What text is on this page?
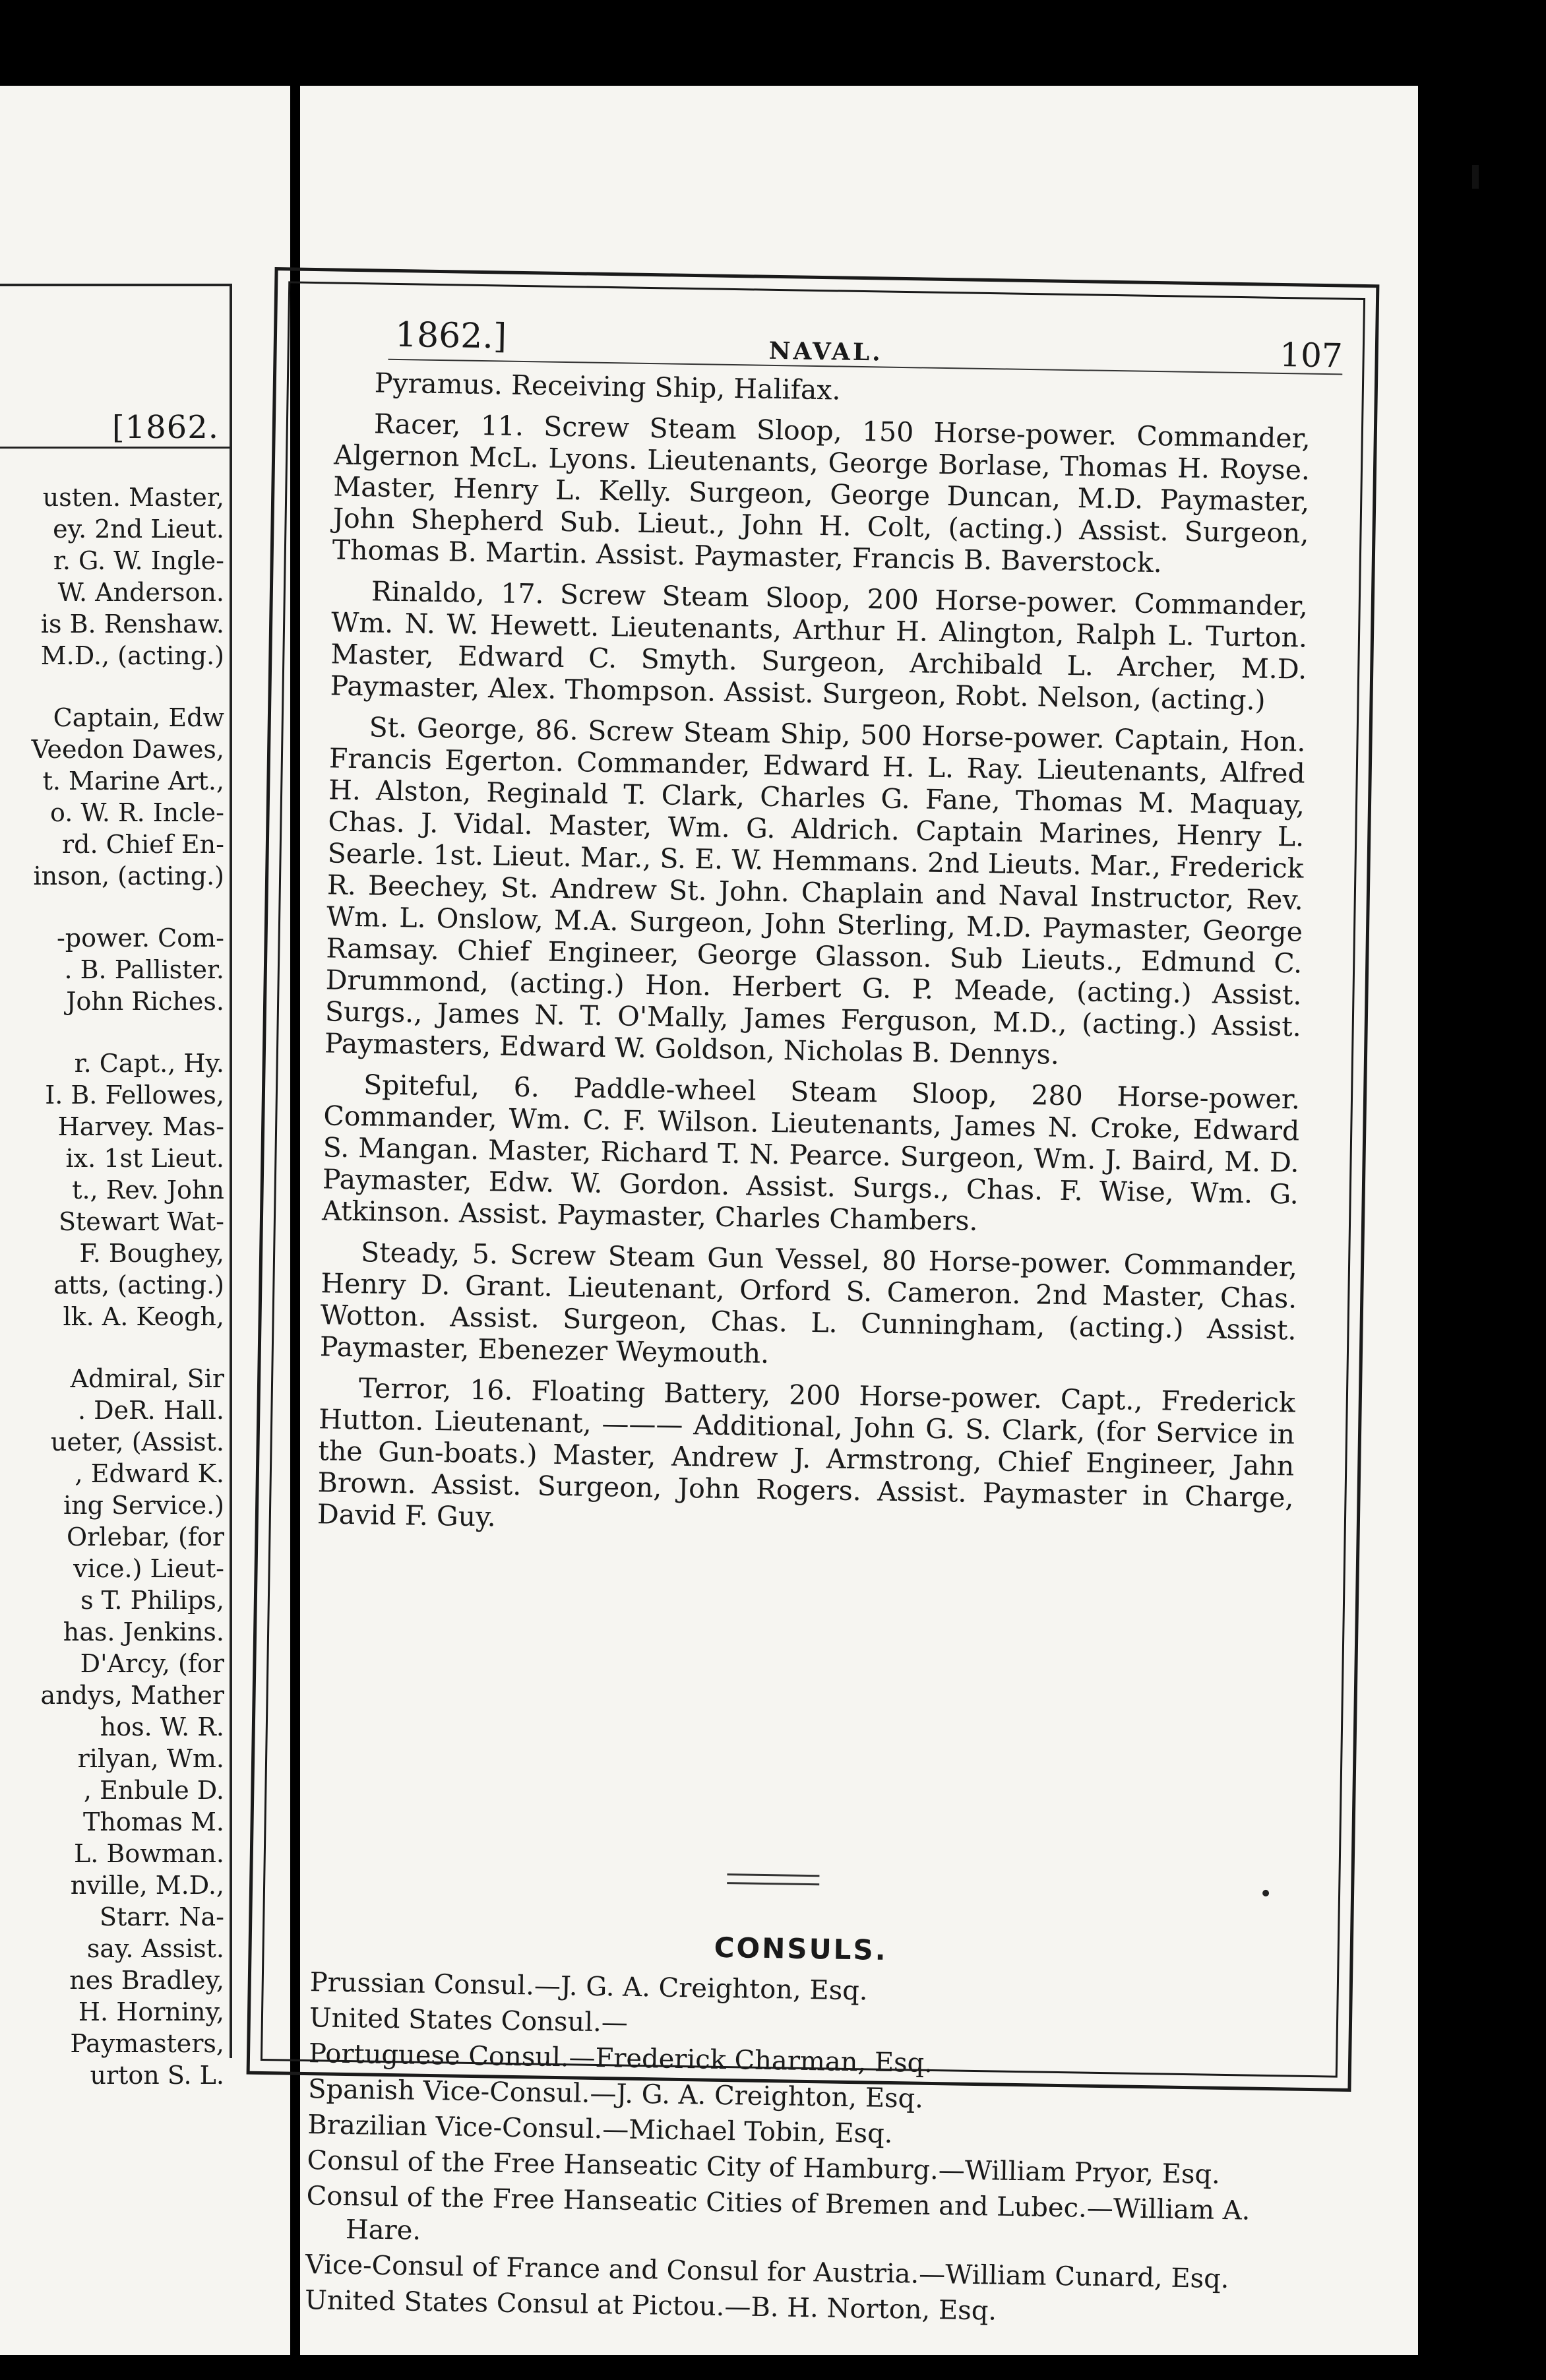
[1862.
usten. Master,
ey. 2nd Lieut.
r. G. W. Ingle-
W. Anderson.
is B. Renshaw.
M.D., (acting.)
Captain, Edw
Veedon Dawes,
t. Marine Art.,
o. W. R. Incle-
rd. Chief En-
inson, (acting.)
-power. Com-
. B. Pallister.
John Riches.
r. Capt., Hy.
I. B. Fellowes,
Harvey. Mas-
ix. 1st Lieut.
t., Rev. John
Stewart Wat-
F. Boughey,
atts, (acting.)
lk. A. Keogh,
Admiral, Sir
. DeR. Hall.
ueter, (Assist.
, Edward K.
ing Service.)
Orlebar, (for
vice.) Lieut-
s T. Philips,
has. Jenkins.
D'Arcy, (for
andys, Mather
hos. W. R.
rilyan, Wm.
, Enbule D.
Thomas M.
L. Bowman.
nville, M.D.,
Starr. Na-
say. Assist.
nes Bradley,
H. Horniny,
Paymasters,
urton S. L.
1862.]	NAVAL.	107

Pyramus. Receiving Ship, Halifax.

Racer, 11. Screw Steam Sloop, 150 Horse-power. Commander, Algernon McL. Lyons. Lieutenants, George Borlase, Thomas H. Royse. Master, Henry L. Kelly. Surgeon, George Duncan, M.D. Paymaster, John Shepherd Sub. Lieut., John H. Colt, (acting.) Assist. Surgeon, Thomas B. Martin. Assist. Paymaster, Francis B. Baverstock.

Rinaldo, 17. Screw Steam Sloop, 200 Horse-power. Commander, Wm. N. W. Hewett. Lieutenants, Arthur H. Alington, Ralph L. Turton. Master, Edward C. Smyth. Surgeon, Archibald L. Archer, M.D. Paymaster, Alex. Thompson. Assist. Surgeon, Robt. Nelson, (acting.)

St. George, 86. Screw Steam Ship, 500 Horse-power. Captain, Hon. Francis Egerton. Commander, Edward H. L. Ray. Lieutenants, Alfred H. Alston, Reginald T. Clark, Charles G. Fane, Thomas M. Maquay, Chas. J. Vidal. Master, Wm. G. Aldrich. Captain Marines, Henry L. Searle. 1st. Lieut. Mar., S. E. W. Hemmans. 2nd Lieuts. Mar., Frederick R. Beechey, St. Andrew St. John. Chaplain and Naval Instructor, Rev. Wm. L. Onslow, M.A. Surgeon, John Sterling, M.D. Paymaster, George Ramsay. Chief Engineer, George Glasson. Sub Lieuts., Edmund C. Drummond, (acting.) Hon. Herbert G. P. Meade, (acting.) Assist. Surgs., James N. T. O'Mally, James Ferguson, M.D., (acting.) Assist. Paymasters, Edward W. Goldson, Nicholas B. Dennys.

Spiteful, 6. Paddle-wheel Steam Sloop, 280 Horse-power. Commander, Wm. C. F. Wilson. Lieutenants, James N. Croke, Edward S. Mangan. Master, Richard T. N. Pearce. Surgeon, Wm. J. Baird, M. D. Paymaster, Edw. W. Gordon. Assist. Surgs., Chas. F. Wise, Wm. G. Atkinson. Assist. Paymaster, Charles Chambers.

Steady, 5. Screw Steam Gun Vessel, 80 Horse-power. Commander, Henry D. Grant. Lieutenant, Orford S. Cameron. 2nd Master, Chas. Wotton. Assist. Surgeon, Chas. L. Cunningham, (acting.) Assist. Paymaster, Ebenezer Weymouth.

Terror, 16. Floating Battery, 200 Horse-power. Capt., Frederick Hutton. Lieutenant, ——— Additional, John G. S. Clark, (for Service in the Gun-boats.) Master, Andrew J. Armstrong, Chief Engineer, Jahn Brown. Assist. Surgeon, John Rogers. Assist. Paymaster in Charge, David F. Guy.

CONSULS.

Prussian Consul.—J. G. A. Creighton, Esq.

United States Consul.—

Portuguese Consul.—Frederick Charman, Esq.

Spanish Vice-Consul.—J. G. A. Creighton, Esq.

Brazilian Vice-Consul.—Michael Tobin, Esq.

Consul of the Free Hanseatic City of Hamburg.—William Pryor, Esq.

Consul of the Free Hanseatic Cities of Bremen and Lubec.—William A. Hare.

Vice-Consul of France and Consul for Austria.—William Cunard, Esq.

United States Consul at Pictou.—B. H. Norton, Esq.
